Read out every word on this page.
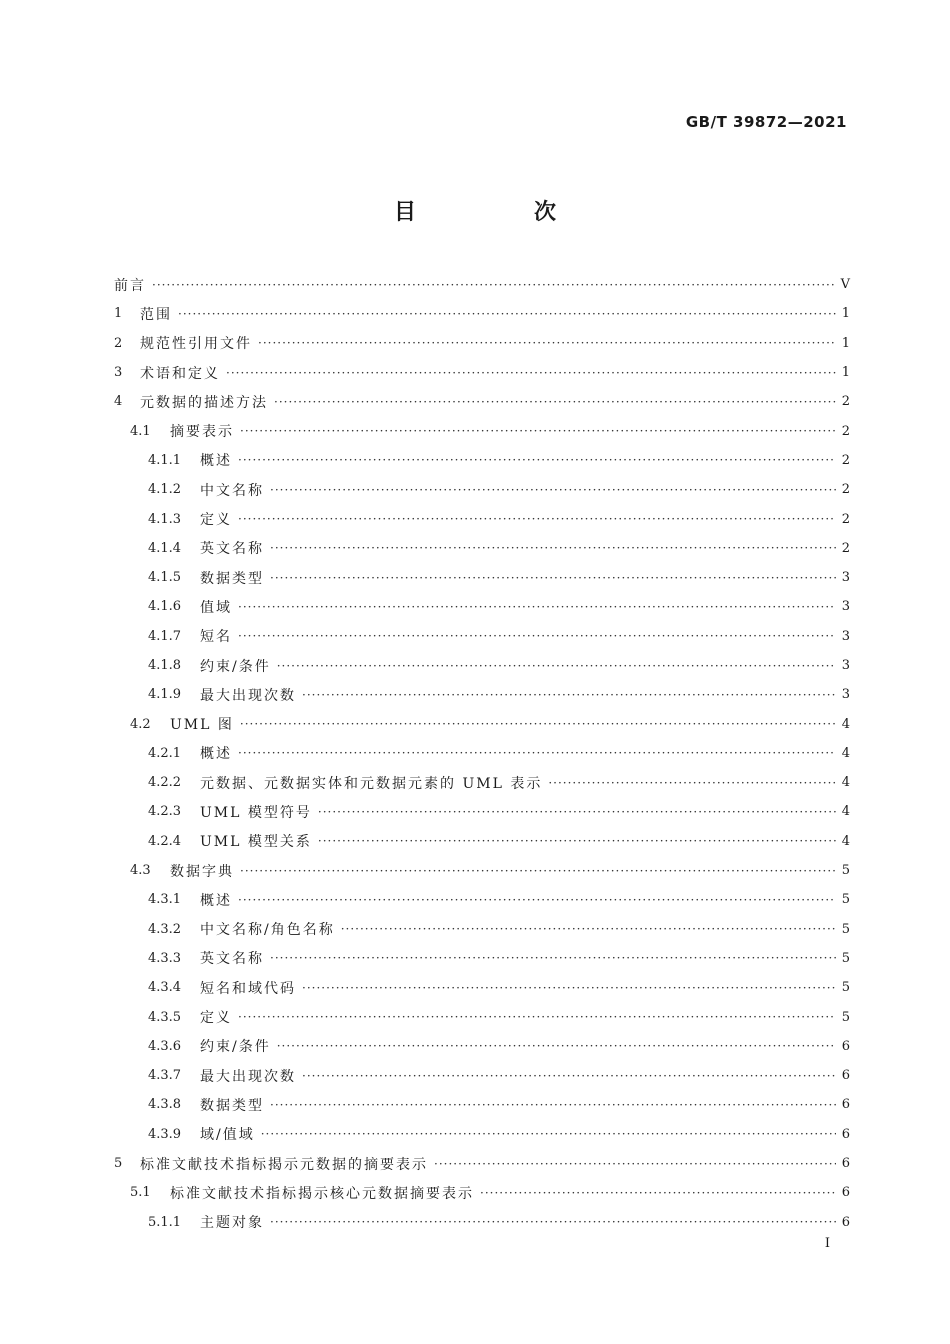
GB/T 39872—2021
目　次
前言 ·····	V
1	范围 ·····	1
2	规范性引用文件 ·····	1
3	术语和定义 ·····	1
4	元数据的描述方法 ·····	2
4.1	摘要表示 ·····	2
4.1.1	概述 ·····	2
4.1.2	中文名称 ·····	2
4.1.3	定义 ·····	2
4.1.4	英文名称 ·····	2
4.1.5	数据类型 ·····	3
4.1.6	值域 ·····	3
4.1.7	短名 ·····	3
4.1.8	约束/条件 ·····	3
4.1.9	最大出现次数 ·····	3
4.2	UML 图 ·····	4
4.2.1	概述 ·····	4
4.2.2	元数据、元数据实体和元数据元素的 UML 表示 ·····	4
4.2.3	UML 模型符号 ·····	4
4.2.4	UML 模型关系 ·····	4
4.3	数据字典 ·····	5
4.3.1	概述 ·····	5
4.3.2	中文名称/角色名称 ·····	5
4.3.3	英文名称 ·····	5
4.3.4	短名和域代码 ·····	5
4.3.5	定义 ·····	5
4.3.6	约束/条件 ·····	6
4.3.7	最大出现次数 ·····	6
4.3.8	数据类型 ·····	6
4.3.9	域/值域 ·····	6
5	标准文献技术指标揭示元数据的摘要表示 ·····	6
5.1	标准文献技术指标揭示核心元数据摘要表示 ·····	6
5.1.1	主题对象 ·····	6
I
